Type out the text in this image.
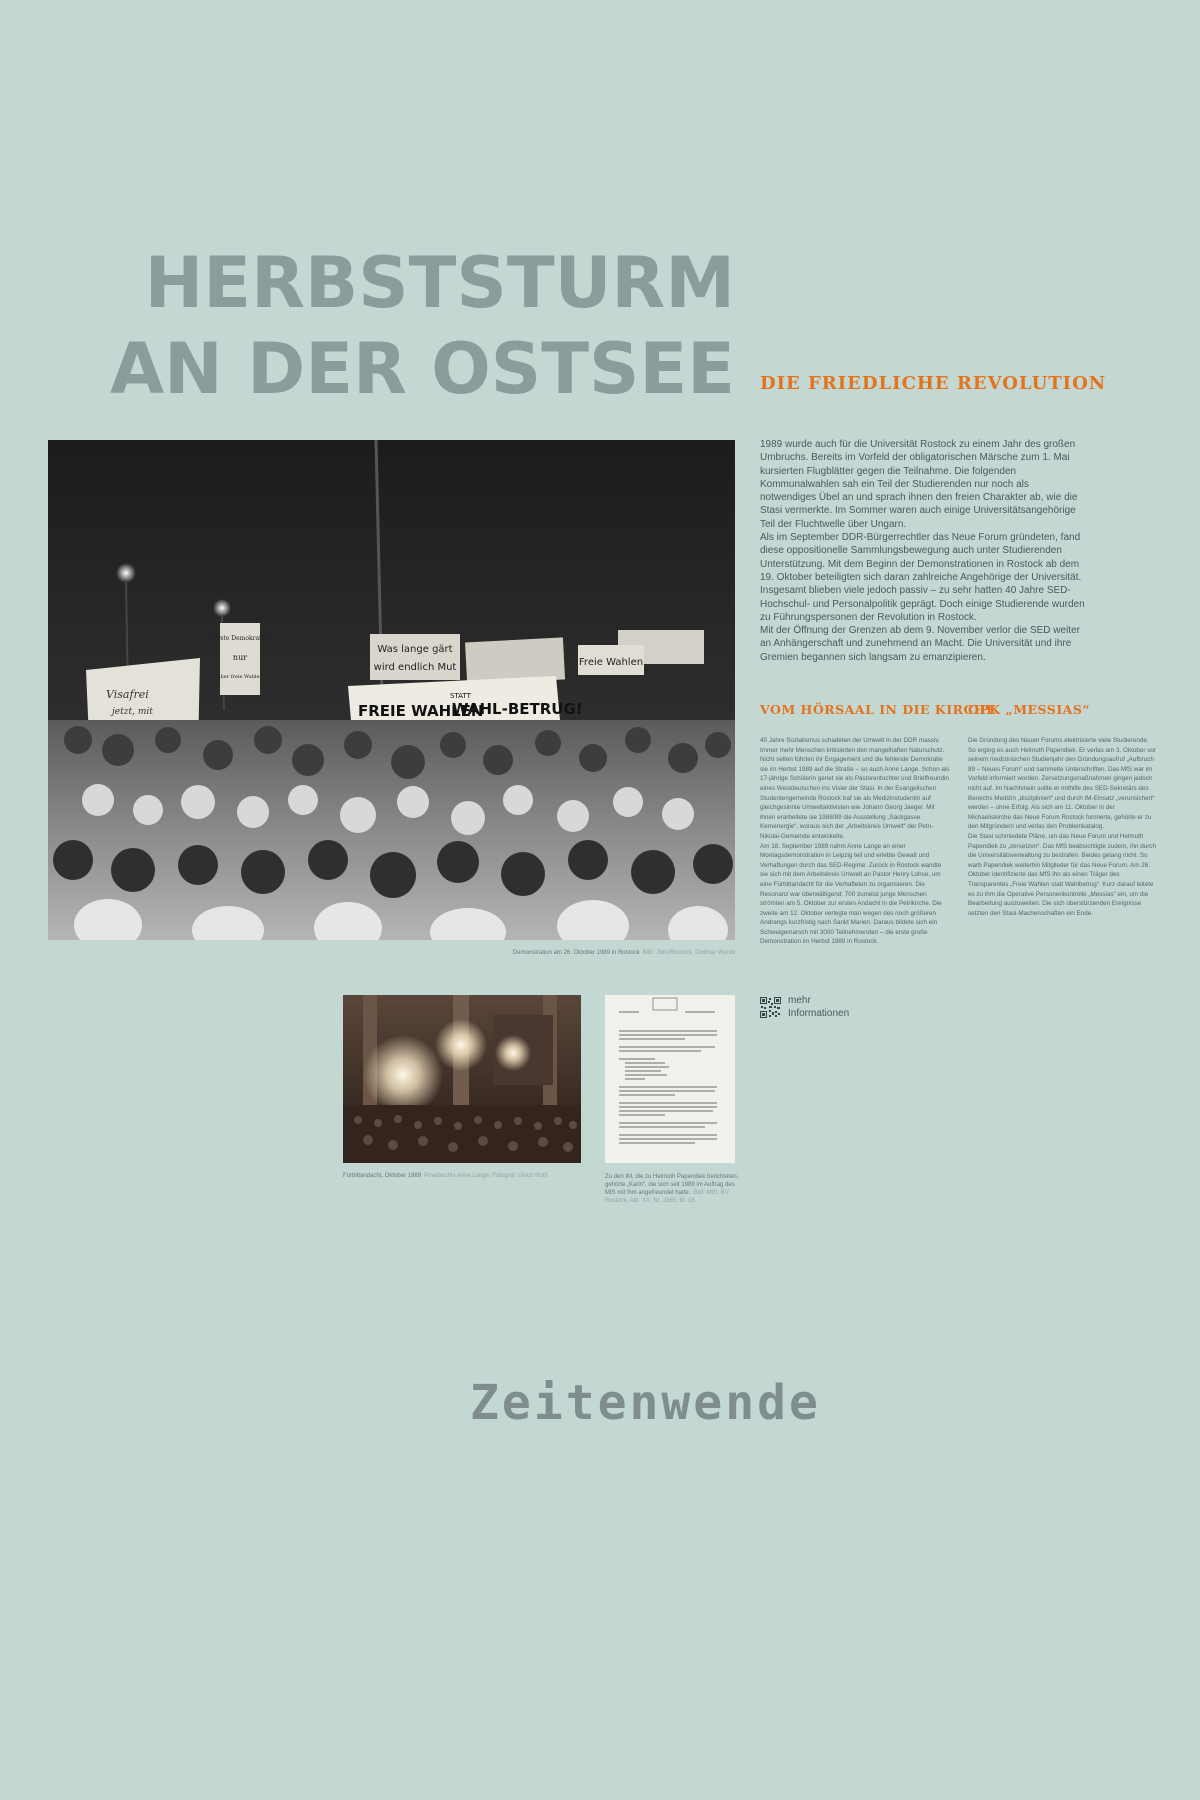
HERBSTSTURM
AN DER OSTSEE DIE FRIEDLICHE REVOLUTION
Erste Demokratie
nur
über freie Wahlen
Visafrei
jetzt, mit
Was lange gärt
wird endlich Mut	Freie Wahlen
FREIE WAHLEN
STATT
WAHL-BETRUG!
Demonstration am 26. Oktober 1989 in Rostock Bild: JWA/Rostock, Dietmar Wendt

1989 wurde auch für die Universität Rostock zu einem Jahr des großen Umbruchs. Bereits im Vorfeld der obligatorischen Märsche zum 1. Mai kursierten Flugblätter gegen die Teilnahme. Die folgenden Kommunalwahlen sah ein Teil der Studierenden nur noch als notwendiges Übel an und sprach ihnen den freien Charakter ab, wie die Stasi vermerkte. Im Sommer waren auch einige Universitätsangehörige Teil der Fluchtwelle über Ungarn.

Als im September DDR-Bürgerrechtler das Neue Forum gründeten, fand diese oppositionelle Sammlungsbewegung auch unter Studierenden Unterstützung. Mit dem Beginn der Demonstrationen in Rostock ab dem 19. Oktober beteiligten sich daran zahlreiche Angehörige der Universität. Insgesamt blieben viele jedoch passiv – zu sehr hatten 40 Jahre SED-Hochschul- und Personalpolitik geprägt. Doch einige Studierende wurden zu Führungspersonen der Revolution in Rostock.

Mit der Öffnung der Grenzen ab dem 9. November verlor die SED weiter an Anhängerschaft und zunehmend an Macht. Die Universität und ihre Gremien begannen sich langsam zu emanzipieren.

VOM HÖRSAAL IN DIE KIRCHE
OPK „MESSIAS“

40 Jahre Sozialismus schadeten der Umwelt in der DDR massiv. Immer mehr Menschen kritisierten den mangelhaften Naturschutz. Nicht selten führten ihr Engagement und die fehlende Demokratie sie im Herbst 1989 auf die Straße – so auch Anne Lange. Schon als 17-jährige Schülerin geriet sie als Pastorentochter und Brieffreundin eines Westdeutschen ins Visier der Stasi. In der Evangelischen Studentengemeinde Rostock traf sie als Medizinstudentin auf gleichgesinnte Umweltaktivisten wie Johann Georg Jaeger. Mit ihnen erarbeitete sie 1988/89 die Ausstellung „Sackgasse Kernenergie“, woraus sich der „Arbeitskreis Umwelt“ der Petri-Nikolai-Gemeinde entwickelte.

Am 18. September 1989 nahm Anne Lange an einer Montagsdemonstration in Leipzig teil und erlebte Gewalt und Verhaftungen durch das SED-Regime. Zurück in Rostock wandte sie sich mit dem Arbeitskreis Umwelt an Pastor Henry Lohse, um eine Fürbittandacht für die Verhafteten zu organisieren. Die Resonanz war überwältigend: 700 zumeist junge Menschen strömten am 5. Oktober zur ersten Andacht in die Petrikirche. Die zweite am 12. Oktober verlegte man wegen des noch größeren Andrangs kurzfristig nach Sankt Marien. Daraus bildete sich ein Schweigemarsch mit 3000 Teilnehmenden – die erste große Demonstration im Herbst 1989 in Rostock.

Die Gründung des Neuen Forums elektrisierte viele Studierende. So erging es auch Helmuth Papendiek. Er verlas am 3. Oktober vor seinem medizinischen Studienjahr den Gründungsaufruf „Aufbruch 89 – Neues Forum“ und sammelte Unterschriften. Das MfS war im Vorfeld informiert worden. Zersetzungsmaßnahmen gingen jedoch nicht auf. Im Nachhinein sollte er mithilfe des SED-Sekretärs des Bereichs Medizin „diszipliniert“ und durch IM-Einsatz „verunsichert“ werden – ohne Erfolg. Als sich am 11. Oktober in der Michaeliskirche das Neue Forum Rostock formierte, gehörte er zu den Mitgründern und verlas den Problemkatalog.

Die Stasi schmiedete Pläne, um das Neue Forum und Helmuth Papendiek zu „zersetzen“. Das MfS beabsichtigte zudem, ihn durch die Universitätsverwaltung zu bestrafen. Beides gelang nicht. So warb Papendiek weiterhin Mitglieder für das Neue Forum. Am 26. Oktober identifizierte das MfS ihn als einen Träger des Transparentes „Freie Wahlen statt Wahlbetrug“. Kurz darauf leitete es zu ihm die Operative Personenkontrolle „Messias“ ein, um die Bearbeitung auszuweiten. Die sich überstürzenden Ereignisse setzten den Stasi-Machenschaften ein Ende.

Fürbittandacht, Oktober 1989 Privatarchiv Anne Lange, Fotograf: Ulrich Roth	Zu den IM, die zu Helmuth Papendiek berichteten, gehörte „Karin“, die sich seit 1989 im Auftrag des MfS mit ihm angefreundet hatte. Bild: MfS, BV Rostock, Abt. XX, Nr. 2365, Bl. 16
mehr
Informationen
Zeitenwende
